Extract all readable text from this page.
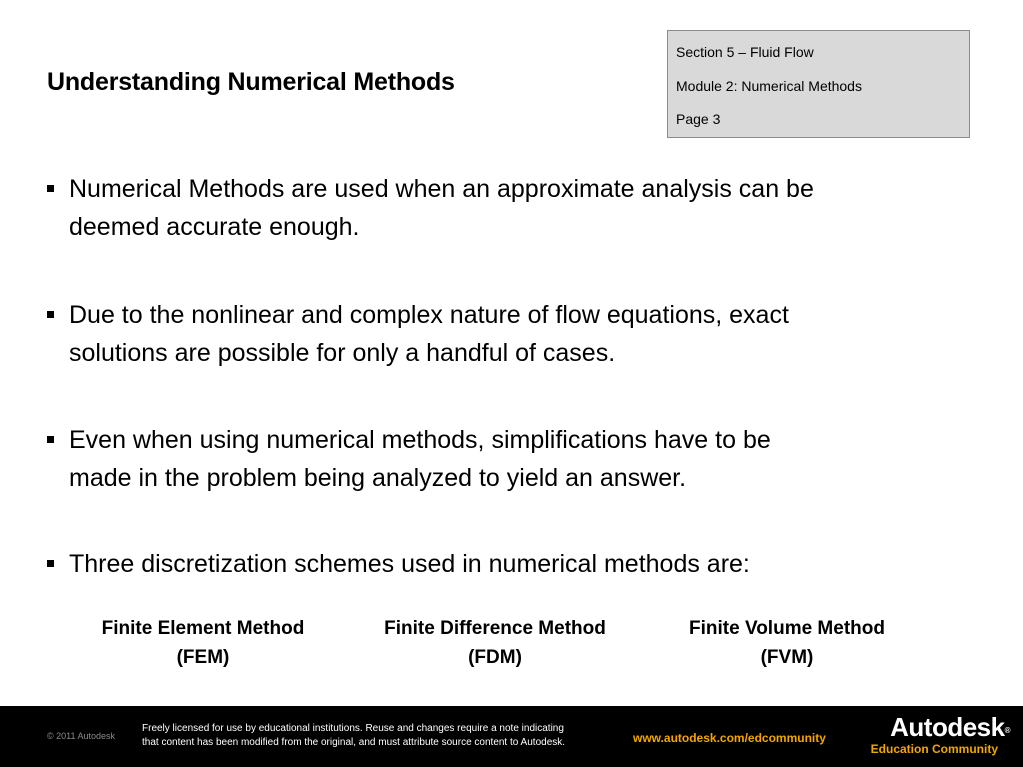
Understanding Numerical Methods
Section 5 – Fluid Flow
Module 2: Numerical Methods
Page 3
Numerical Methods are used when an approximate analysis can be
deemed accurate enough.
Due to the nonlinear and complex nature of flow equations, exact
solutions are possible for only a handful of cases.
Even when using numerical methods, simplifications have to be
made in the problem being analyzed to yield an answer.
Three discretization schemes used in numerical methods are:
Finite Element Method
(FEM)
Finite Difference Method
(FDM)
Finite Volume Method
(FVM)
© 2011 Autodesk
Freely licensed for use by educational institutions. Reuse and changes require a note indicating
that content has been modified from the original, and must attribute source content to Autodesk.	www.autodesk.com/edcommunity	Autodesk®
Education Community
